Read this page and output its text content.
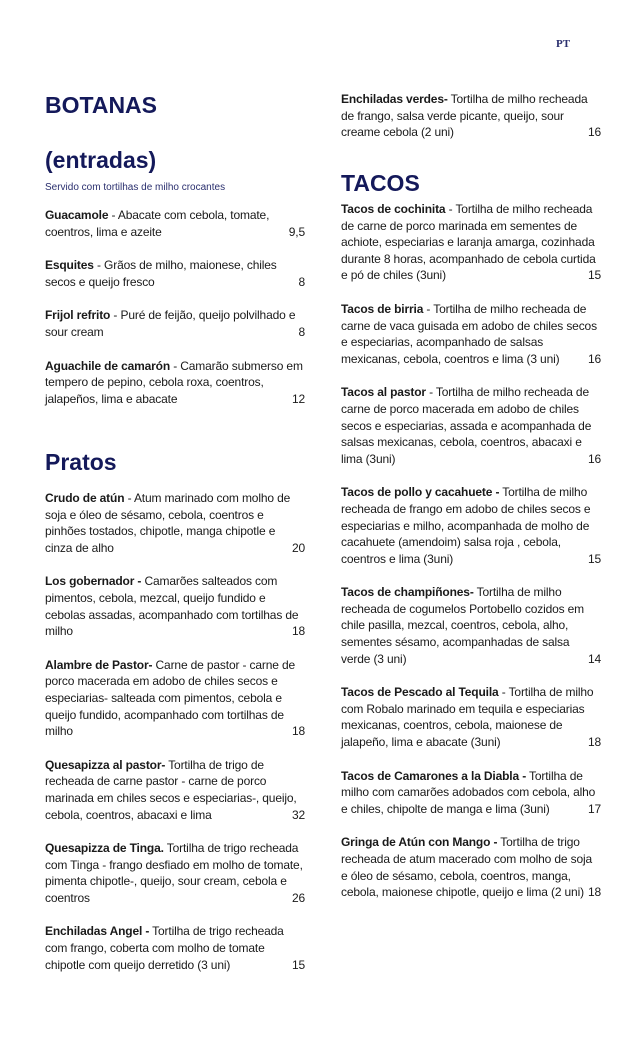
PT
BOTANAS
(entradas)

Servido com tortilhas de milho crocantes

Guacamole - Abacate com cebola, tomate, coentros, lima e azeite	9,5
Esquites - Grãos de milho, maionese, chiles secos e queijo fresco	8
Frijol refrito - Puré de feijão, queijo polvilhado e sour cream	8
Aguachile de camarón - Camarão submerso em tempero de pepino, cebola roxa, coentros, jalapeños, lima e abacate	12
Pratos
Crudo de atún - Atum marinado com molho de soja e óleo de sésamo, cebola, coentros e pinhões tostados, chipotle, manga chipotle e cinza de alho	20
Los gobernador - Camarões salteados com pimentos, cebola, mezcal, queijo fundido e cebolas assadas, acompanhado com tortilhas de milho	18
Alambre de Pastor- Carne de pastor - carne de porco macerada em adobo de chiles secos e especiarias- salteada com pimentos, cebola e queijo fundido, acompanhado com tortilhas de milho	18
Quesapizza al pastor- Tortilha de trigo de recheada de carne pastor - carne de porco marinada em chiles secos e especiarias-, queijo, cebola, coentros, abacaxi e lima	32
Quesapizza de Tinga. Tortilha de trigo recheada com Tinga - frango desfiado em molho de tomate, pimenta chipotle-, queijo, sour cream, cebola e coentros	26
Enchiladas Angel - Tortilha de trigo recheada com frango, coberta com molho de tomate chipotle com queijo derretido (3 uni)	15
Enchiladas verdes- Tortilha de milho recheada de frango, salsa verde picante, queijo, sour creame cebola (2 uni)	16
TACOS
Tacos de cochinita - Tortilha de milho recheada de carne de porco marinada em sementes de achiote, especiarias e laranja amarga, cozinhada durante 8 horas, acompanhado de cebola curtida e pó de chiles (3uni)	15
Tacos de birria - Tortilha de milho recheada de carne de vaca guisada em adobo de chiles secos e especiarias, acompanhado de salsas mexicanas, cebola, coentros e lima (3 uni) 16
Tacos al pastor - Tortilha de milho recheada de carne de porco macerada em adobo de chiles secos e especiarias, assada e acompanhada de salsas mexicanas, cebola, coentros, abacaxi e lima (3uni)	16
Tacos de pollo y cacahuete - Tortilha de milho recheada de frango em adobo de chiles secos e especiarias e milho, acompanhada de molho de cacahuete (amendoim) salsa roja , cebola, coentros e lima (3uni)	15
Tacos de champiñones- Tortilha de milho recheada de cogumelos Portobello cozidos em chile pasilla, mezcal, coentros, cebola, alho, sementes sésamo, acompanhadas de salsa verde (3 uni)	14
Tacos de Pescado al Tequila - Tortilha de milho com Robalo marinado em tequila e especiarias mexicanas, coentros, cebola, maionese de jalapeño, lima e abacate (3uni)	18
Tacos de Camarones a la Diabla - Tortilha de milho com camarões adobados com cebola, alho e chiles, chipolte de manga e lima (3uni)	17
Gringa de Atún con Mango - Tortilha de trigo recheada de atum macerado com molho de soja e óleo de sésamo, cebola, coentros, manga, cebola, maionese chipotle, queijo e lima (2 uni) 18
